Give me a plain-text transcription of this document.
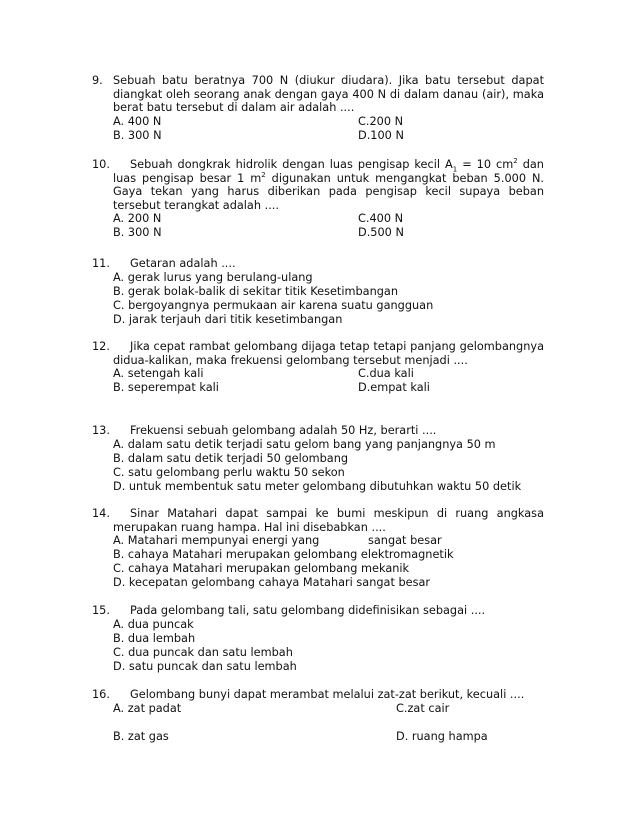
9. Sebuah batu beratnya 700 N (diukur diudara). Jika batu tersebut dapat diangkat oleh seorang anak dengan gaya 400 N di dalam danau (air), maka berat batu tersebut di dalam air adalah ....
A. 400 N	C.200 N
B. 300 N	D.100 N
10.	Sebuah dongkrak hidrolik dengan luas pengisap kecil $A_1 = 10$ $cm^2$ dan luas pengisap besar 1 $m^2$ digunakan untuk mengangkat beban 5.000 N. Gaya tekan yang harus diberikan pada pengisap kecil supaya beban tersebut terangkat adalah ....
A. 200 N	C.400 N
B. 300 N	D.500 N
11.	Getaran adalah ....
A. gerak lurus yang berulang-ulang
B. gerak bolak-balik di sekitar titik Kesetimbangan
C. bergoyangnya permukaan air karena suatu gangguan
D. jarak terjauh dari titik kesetimbangan
12.	Jika cepat rambat gelombang dijaga tetap tetapi panjang gelombangnya didua-kalikan, maka frekuensi gelombang tersebut menjadi ....
A. setengah kali	C.dua kali
B. seperempat kali	D.empat kali
13.	Frekuensi sebuah gelombang adalah 50 Hz, berarti ....
A. dalam satu detik terjadi satu gelom bang yang panjangnya 50 m
B. dalam satu detik terjadi 50 gelombang
C. satu gelombang perlu waktu 50 sekon
D. untuk membentuk satu meter gelombang dibutuhkan waktu 50 detik
14.	Sinar Matahari dapat sampai ke bumi meskipun di ruang angkasa merupakan ruang hampa. Hal ini disebabkan ....
A. Matahari mempunyai energi yang	sangat besar
B. cahaya Matahari merupakan gelombang elektromagnetik
C. cahaya Matahari merupakan gelombang mekanik
D. kecepatan gelombang cahaya Matahari sangat besar
15.	Pada gelombang tali, satu gelombang didefinisikan sebagai ....
A. dua puncak
B. dua lembah
C. dua puncak dan satu lembah
D. satu puncak dan satu lembah
16.	Gelombang bunyi dapat merambat melalui zat-zat berikut, kecuali ....
A. zat padat	C.zat cair
B. zat gas	D. ruang hampa
